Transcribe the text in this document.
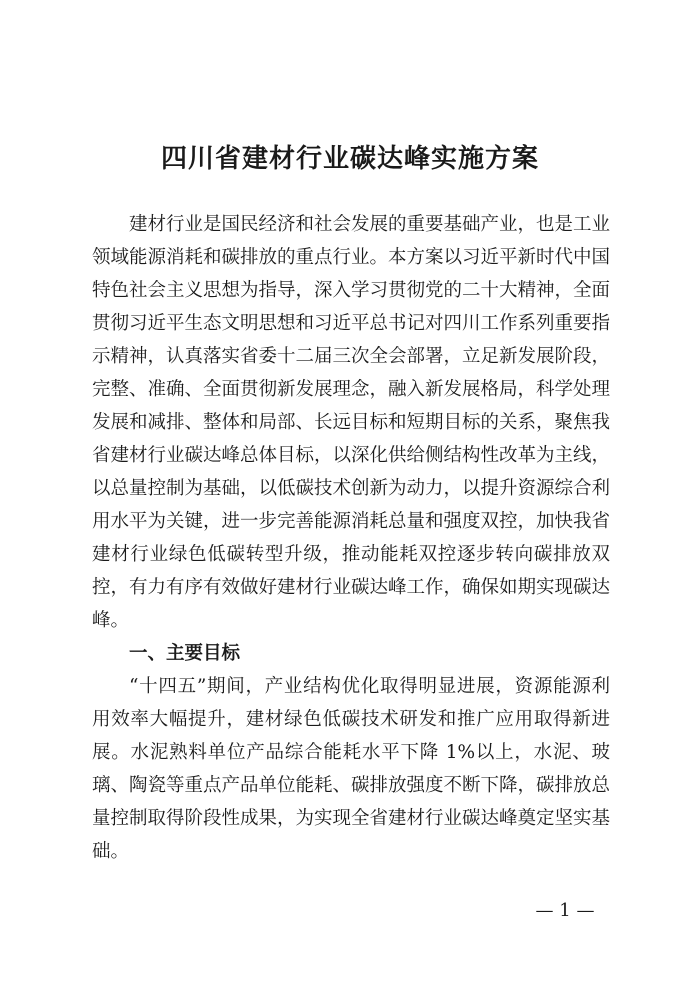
四川省建材行业碳达峰实施方案

建材行业是国民经济和社会发展的重要基础产业，也是工业领域能源消耗和碳排放的重点行业。本方案以习近平新时代中国特色社会主义思想为指导，深入学习贯彻党的二十大精神，全面贯彻习近平生态文明思想和习近平总书记对四川工作系列重要指示精神，认真落实省委十二届三次全会部署，立足新发展阶段，完整、准确、全面贯彻新发展理念，融入新发展格局，科学处理发展和减排、整体和局部、长远目标和短期目标的关系，聚焦我省建材行业碳达峰总体目标，以深化供给侧结构性改革为主线，以总量控制为基础，以低碳技术创新为动力，以提升资源综合利用水平为关键，进一步完善能源消耗总量和强度双控，加快我省建材行业绿色低碳转型升级，推动能耗双控逐步转向碳排放双控，有力有序有效做好建材行业碳达峰工作，确保如期实现碳达峰。

一、主要目标

“十四五”期间，产业结构优化取得明显进展，资源能源利用效率大幅提升，建材绿色低碳技术研发和推广应用取得新进展。水泥熟料单位产品综合能耗水平下降 1%以上，水泥、玻璃、陶瓷等重点产品单位能耗、碳排放强度不断下降，碳排放总量控制取得阶段性成果，为实现全省建材行业碳达峰奠定坚实基础。

— 1 —
